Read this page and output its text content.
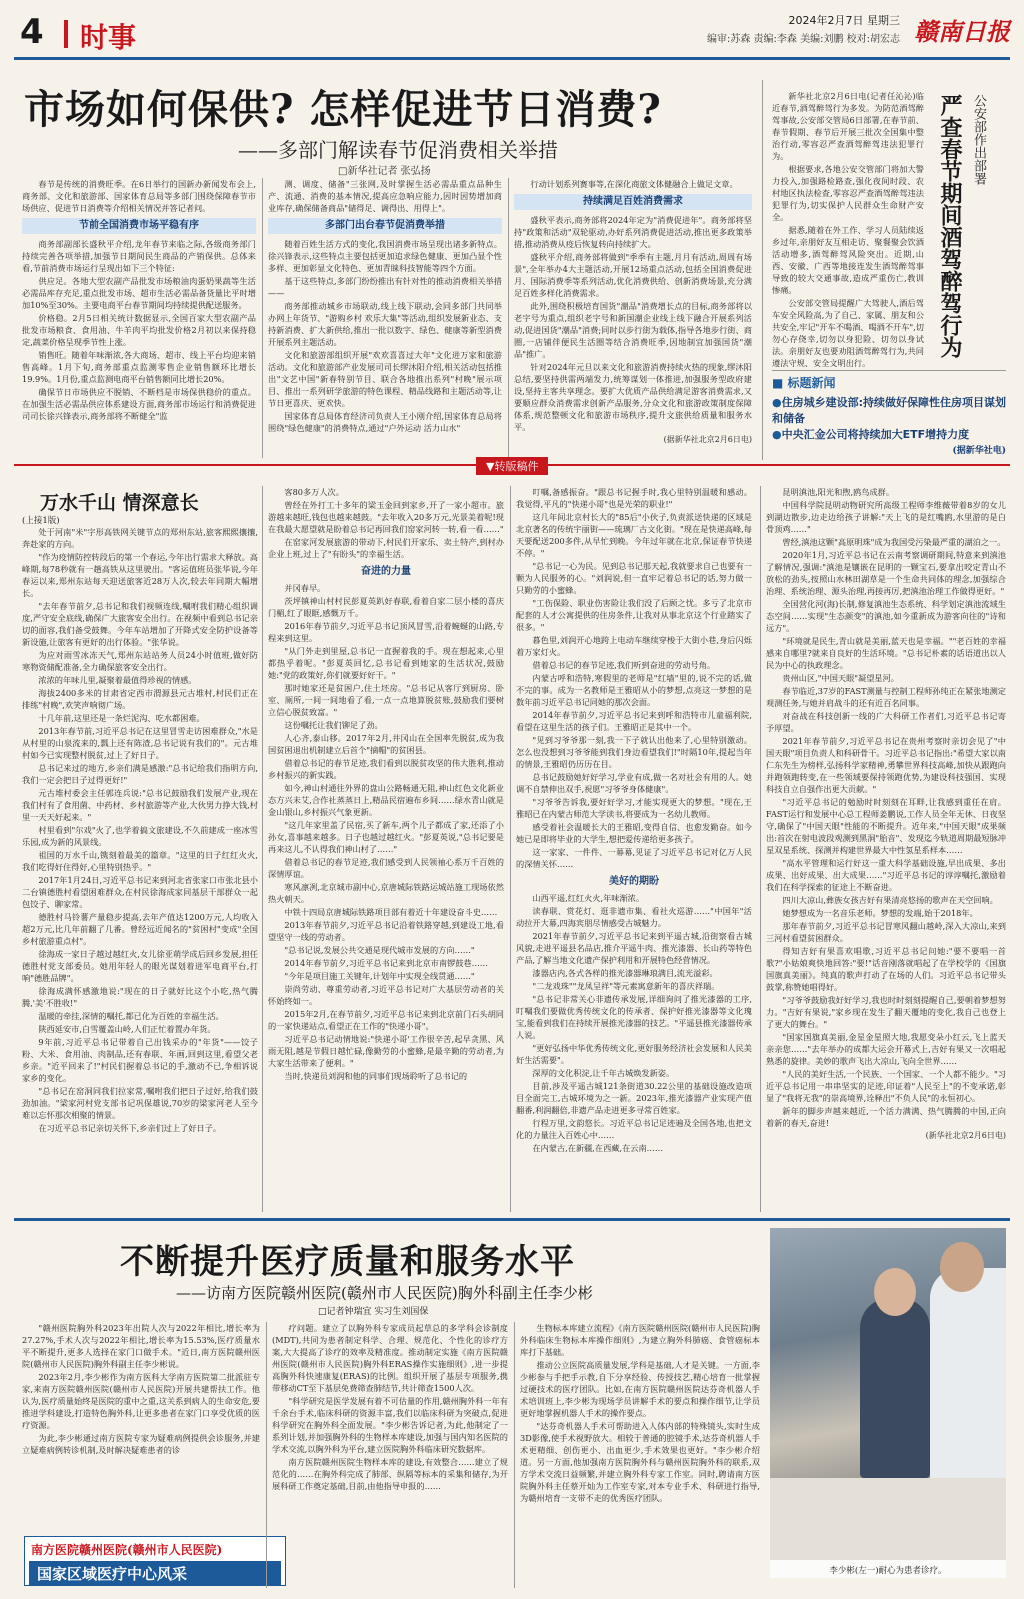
4 时事
2024年2月7日 星期三
编审:苏森 责编:李森 美编:刘鹏 校对:胡宏志 赣南日报
市场如何保供? 怎样促进节日消费?
——多部门解读春节促消费相关举措
□新华社记者 张弘扬

春节是传统的消费旺季。在6日举行的国新办新闻发布会上,商务部、文化和旅游部、国家体育总局等多部门围绕保障春节市场供应、促进节日消费等介绍相关情况并答记者问。

节前全国消费市场平稳有序

商务部副部长盛秋平介绍,龙年春节来临之际,各级商务部门持续完善各项举措,加强节日期间民生商品的产销保供。总体来看,节前消费市场运行呈现出如下三个特征:

供应足。各地大型农副产品批发市场粮油肉蛋奶果蔬等生活必需品库存充足,重点批发市场、超市生活必需品备货量比平时增加10%至30%。主要电商平台春节期间均持续提供配送服务。

价格稳。2月5日相关统计数据显示,全国百家大型农副产品批发市场粮食、食用油、牛羊肉平均批发价格2月初以来保持稳定,蔬菜价格呈现季节性上涨。

销售旺。随着年味渐浓,各大商场、超市、线上平台均迎来销售高峰。1月下旬,商务部重点监测零售企业销售额环比增长19.9%。1月份,重点监测电商平台销售额同比增长20%。

确保节日市场供应不脱销、不断档是市场保供稳价的重点。在加强生活必需品供应体系建设方面,商务部市场运行和消费促进司司长徐兴锋表示,商务部将不断健全"监

测、调度、储备"三张网,及时掌握生活必需品重点品种生产、流通、消费的基本情况,提高应急响应能力,因时因势增加商业库存,确保储备商品"储得足、调得出、用得上"。

多部门出台春节促消费举措

随着百姓生活方式的变化,我国消费市场呈现出诸多新特点。徐兴锋表示,这些特点主要包括更加追求绿色健康、更加凸显个性多样、更加彰显文化特色、更加青睐科技智能等四个方面。

基于这些特点,多部门纷纷推出有针对性的推动消费相关举措——

商务部推动城乡市场联动,线上线下联动,会同多部门共同举办网上年货节、"游购乡村 欢乐大集"等活动,组织发展新业态、支持新消费、扩大新供给,推出一批以数字、绿色、健康等新型消费开展系列主题活动。

文化和旅游部组织开展"欢欢喜喜过大年"文化进万家和旅游活动。文化和旅游部产业发展司司长缪沐阳介绍,相关活动包括推出"文艺中国"新春特别节目、联合各地推出系列"村晚"展示项目、推出一系列研学旅游的特色课程、精品线路和主题活动等,让节日更喜庆、更欢快。

国家体育总局体育经济司负责人王小刚介绍,国家体育总局将围绕"绿色健康"的消费特点,通过"户外运动 活力山水"

行动计划系列赛事等,在深化商旅文体健融合上做足文章。

持续满足百姓消费需求

盛秋平表示,商务部将2024年定为"消费促进年"。商务部将坚持"政策和活动"双轮驱动,办好系列消费促进活动,推出更多政策举措,推动消费从疫后恢复转向持续扩大。

盛秋平介绍,商务部将做到"季季有主题,月月有活动,周周有场景",全年举办4大主题活动,开展12场重点活动,包括全国消费促进月、国际消费季等系列活动,优化消费供给、创新消费场景,充分满足百姓多样化消费需求。

此外,围绕积极培育国货"潮品"消费增长点的目标,商务部将以老字号为重点,组织老字号和新国潮企业线上线下融合开展系列活动,促进国货"潮品"消费;同时以步行街为载体,指导各地步行街、商圈,一店铺伴便民生活圈等结合消费旺季,因地制宜加强国货"潮品"推广。

针对2024年元旦以来文化和旅游消费持续火热的现象,缪沐阳总结,要坚持供需两端发力,统筹谋划一体推进,加强服务型政府建设,坚持主客共享理念。要扩大优质产品供给满足游客消费需求,又要顺应群众消费需求创新产品服务,分众文化和旅游政策制度保障体系,规范整顿文化和旅游市场秩序,提升文旅供给质量和服务水平。

(据新华社北京2月6日电)
严查春节期间酒驾醉驾行为 公安部作出部署

新华社北京2月6日电(记者任沁沁)临近春节,酒驾醉驾行为多发。为防范酒驾醉驾事故,公安部交管局6日部署,在春节前、春节假期、春节后开展三批次全国集中整治行动,零容忍严查酒驾醉驾违法犯罪行为。

根据要求,各地公安交管部门将加大警力投入,加强路检路查,强化夜间时段、农村地区执法检查,零容忍严查酒驾醉驾违法犯罪行为,切实保护人民群众生命财产安全。

据悉,随着在外工作、学习人员陆续返乡过年,亲朋好友互相走访、聚餐聚会饮酒活动增多,酒驾醉驾风险突出。近期,山西、安徽、广西等地接连发生酒驾醉驾事导致的较大交通事故,造成严重伤亡,教训惨痛。

公安部交管局提醒广大驾驶人,酒后驾车安全风险高,为了自己、家属、朋友和公共安全,牢记"开车不喝酒、喝酒不开车",切勿心存侥幸,切勿以身犯险、切勿以身试法。亲朋好友也要劝阻酒驾醉驾行为,共同遵法守规、安全文明出行。

■ 标题新闻
●住房城乡建设部:持续做好保障性住房项目谋划和储备
●中央汇金公司将持续加大ETF增持力度
(据新华社电)
▼转版稿件
万水千山 情深意长
(上接1版)

处于河南"米"字形高铁网关键节点的郑州东站,旅客熙熙攘攘,奔赴家的方向。

"作为疫情防控转段后的第一个春运,今年出行需求大释放。高峰期,每78秒就有一趟高铁从这里驶出。"客运值班员张华说,今年春运以来,郑州东站每天迎送旅客近28万人次,较去年同期大幅增长。

"去年春节前夕,总书记和我们视频连线,嘱咐我们精心组织调度,严守安全底线,确保广大旅客安全出行。在视频中看到总书记亲切的面容,我们备受鼓舞。今年车站增加了开降式安全防护设备等新设施,让旅客有更好的出行体验。"张华说。

为应对雨雪冰冻天气,郑州东站站务人员24小时值班,做好防寒物资储配准备,全力确保旅客安全出行。

浓浓的年味儿里,凝聚着最值得珍视的情感。

海拔2400多米的甘肃省定西市渭源县元古堆村,村民们正在排练"村晚",欢笑声响彻广场。

十几年前,这里还是一条烂泥沟、吃水都困难。

2013年春节前,习近平总书记在这里冒雪走访困难群众,"水是从村里的山泉流来的,瓢上还有陈渣,总书记说有我们的"。元古堆村如今已实现整村脱贫,过上了好日子。

总书记来过的地方,乡亲们满是感激:"总书记给我们指明方向,我们一定会把日子过得更好!"

元古堆村委会主任郭连兵说:"总书记鼓励我们发展产业,现在我们村有了食用菌、中药材、乡村旅游等产业,大伙男力挣大钱,村里一天天好起来。"

村里看到"尔戏"火了,也学着搞文旅建设,不久前建成一座冰雪乐园,成为新的风景线。

祖国的万水千山,镌刻着最美的篇章。"这里的日子红红火火,我们吃得好住得好,心里特别热乎。"

2017年1月24日,习近平总书记来到河北省张家口市张北县小二台镇德胜村看望困难群众,在村民徐海成家同基层干部群众一起包饺子、聊家常。

德胜村马铃薯产量稳步提高,去年产值达1200万元,人均收入超2万元,比几年前翻了几番。曾经远近闻名的"贫困村"变成"全国乡村旅游重点村"。

徐海成一家日子越过越红火,女儿徐亚萌学成后回乡发展,担任德胜村党支部委员。她用年轻人的眼光谋划着进军电商平台,打响"德胜品牌"。

徐海成满怀感激地说:"现在的日子就好比这个小吃,热气腾腾,'美'不胜收!"

温暖的牵挂,深情的嘱托,都已化为百姓的幸福生活。

陕西延安市,白雪覆盖山岭,人们正忙着置办年货。

9年前,习近平总书记带着自己出钱采办的"年货"——饺子粉、大米、食用油、肉制品,还有春联、年画,回到这里,看望父老乡亲。"近平回来了!"村民们握着总书记的手,激动不已,争相诉说家乡的变化。

"总书记在窑洞同我们拉家常,嘱咐我们把日子过好,给我们鼓劲加油。"梁家河村党支部书记巩保雄说,70岁的梁家河老人至今难以忘怀那次相聚的情景。

在习近平总书记亲切关怀下,乡亲们过上了好日子。

客80多万人次。

曾经在外打工十多年的梁玉金回到家乡,开了一家小超市。旅游越来越旺,钱包也越来越鼓。"去年收入20多万元,光景美着呢!现在我最大愿望就是盼着总书记再回我们窑家河转一转,看一看……"

在窑家河发展旅游的带动下,村民们开家乐、卖土特产,到村办企业上班,过上了"有盼头"的幸福生活。

奋进的力量

并冈春早。

茨坪镇神山村村民彭夏英趴好春联,看着自家二层小楼的喜庆门楣,红了眼眶,感慨万千。

2016年春节前夕,习近平总书记顶风冒雪,沿着蜿蜒的山路,专程来到这里。

"从门外走到里屋,总书记一直握着我的手。现在想起来,心里都热乎着呢。"彭夏英回忆,总书记看到她家的生活状况,鼓励她:"党的政策好,你们就要好好干。"

那时她家还是贫困户,住土坯房。"总书记从客厅到厨房、卧室、厕所,一间一间地看了看,一点一点地算脱贫账,鼓励我们要树立信心脱贫致富。"

这份嘱托让我们铆足了劲。

人心齐,泰山移。2017年2月,井冈山在全国率先脱贫,成为我国贫困退出机制建立后首个"摘帽"的贫困县。

借着总书记的春节足迹,我们看到以脱贫攻坚的伟大胜利,推动乡村振兴的新实践。

如今,神山村通往外界的盘山公路畅通无阻,神山红色文化新业态方兴未艾,合作社蒸蒸日上,精品民宿遍布乡间……绿水青山就是金山银山,乡村振兴气象更新。

"这几年家里盖了民宿,买了新车,两个儿子都成了家,还添了小孙女,喜事越来越多。日子也越过越红火。"彭夏英说,"总书记要是再来这儿,不认得我们神山村了……"

借着总书记的春节足迹,我们感受到人民领袖心系万千百姓的深情厚谊。

寒风凛冽,北京城市副中心,京唐城际铁路运城站施工现场依然热火朝天。

中铁十四局京唐城际铁路项目部有着近十年建设奋斗史……

2013年春节前夕,习近平总书记沿着铁路穿越,到建设工地,看望坚守一线的劳动者。

"总书记说,发展公共交通是现代城市发展的方向……"

2014年春节前夕,习近平总书记来到北京市南锣鼓巷……

"今年是项目施工关键年,计划年中实现全线贯通……"

崇尚劳动、尊重劳动者,习近平总书记对广大基层劳动者的关怀始终如一。

2015年2月,在春节前夕,习近平总书记来到北京前门石头胡同的一家快递站点,看望正在工作的"快递小哥"。

习近平总书记动情地说:"快递小哥'工作很辛苦,起早贪黑、风雨无阻,越是节假日越忙碌,像勤劳的小蜜蜂,是最辛勤的劳动者,为大家生活带来了便利。"

当时,快递员刘润和他的同事们现场聆听了总书记的

叮嘱,备感振奋。"跟总书记握手时,我心里特别温暖和感动。我觉得,平凡的"快递小哥"也是光荣的职业!"

这几年间北京村长大的"85后"小伙子,负责派送快递的区域是北京著名的传统宇丽街——琉璃厂古文化街。"现在是快递高峰,每天要配送200多件,从早忙到晚。今年过年就在北京,保证春节快递不停。"

"总书记一心为民。见到总书记那天起,我就要求自己也要有一颗为人民服务的心。"刘润说,但一直牢记着总书记的话,努力做一只勤劳的小蜜蜂。

"工伤保险、职业伤害险让我们没了后顾之忧。多亏了北京市配套的人才公寓提供的住房条件,让我对从事北京这个行业踏实了很多。"

暮色里,刘润开心地跨上电动车继续穿梭于大街小巷,身后闪烁着万家灯火。

借着总书记的春节足迹,我们听到奋进的劳动号角。

内蒙古呼和浩特,寒假里的老师是"红墙"里的,说不完的话,做不完的事。成为一名教师是王雅昭从小的梦想,点亮这一梦想的是数年前习近平总书记同她的那次会面。

2014年春节前夕,习近平总书记来到呼和浩特市儿童福利院,看望在这里生活的孩子们。王雅昭正是其中一个。

"见到习爷爷那一刻,我一下子就认出他来了,心里特别激动。怎么也没想到习爷爷能到我们身边看望我们!"时隔10年,提起当年的情景,王雅昭仍历历在目。

总书记鼓励她好好学习,学业有成,做一名对社会有用的人。她调不自禁伸出双手,祝愿"习爷爷身体健康"。

"习爷爷告诉我,要好好学习,才能实现更大的梦想。"现在,王雅昭已在内蒙古师范大学读书,将要成为一名幼儿教师。

感受着社会温暖长大的王雅昭,变得自信、也愈发勤奋。如今她已是即将毕业的大学生,想把爱传递给更多孩子。

这一家家、一件件、一幕幕,见证了习近平总书记对亿万人民的深情关怀……

美好的期盼

山西平遥,红红火火,年味渐浓。

读春联、赏花灯、逛非遗市集、看社火巡游……"中国年"活动拉开大幕,四海宾朋尽情感受古城魅力。

2021年春节前夕,习近平总书记来到平遥古城,沿街察看古城风貌,走进平遥县名品店,推介平遥牛肉、推光漆器、长山药等特色产品,了解当地文化遗产保护利用和开展特色经营情况。

漆器店内,各式各样的推光漆器琳琅满目,流光溢彩。

"二龙戏珠""龙凤呈祥"等元素寓意新年的喜庆祥瑞。

"总书记非常关心非遗传承发展,详细询问了推光漆器的工序,叮嘱我们要做优秀传统文化的传承者、保护好推光漆器等文化瑰宝,能看到我们在持续开展推光漆器的技艺。"平遥县推光漆器传承人说。

"更好弘扬中华优秀传统文化,更好服务经济社会发展和人民美好生活需要"。

深厚的文化积淀,让千年古城焕发新姿。

目前,涉及平遥古城121条街道30.22公里的基础设施改造项目全面完工,古城环境为之一新。2023年,推光漆器产业实现产值翻番,利润翻倍,非遗产品走进更多寻常百姓家。

行程万里,文韵悠长。习近平总书记足迹遍及全国各地,也把文化的力量注入百姓心中……

在内蒙古,在新疆,在西藏,在云南……

昆明滇池,阳光和煦,鸥鸟成群。

中国科学院昆明动物研究所高级工程师李维薇带着8岁的女儿到湖边散步,边走边给孩子讲解:"天上飞的是红嘴鸥,水里游的是白骨顶鸡……"

曾经,滇池这颗"高原明珠"成为我国受污染最严重的湖泊之一。

2020年1月,习近平总书记在云南考察调研期间,特意来到滇池了解情况,强调:"滇池是镶嵌在昆明的一颗宝石,要拿出咬定青山不放松的劲头,按照山水林田湖草是一个生命共同体的理念,加强综合治理、系统治理、源头治理,再接再厉,把滇池治理工作做得更好。"

全国营化河(海)长制,修复滇池生态系统、科学划定滇池流域生态空间……实现"生态颜变"的滇池,如今重新成为游客向往的"诗和远方"。

"环境就是民生,青山就是美丽,蓝天也是幸福。""老百姓的幸福感来自哪里?就来自良好的生活环境。"总书记朴素的话语道出以人民为中心的执政理念。

贵州山区,"中国天眼"凝望星河。

春节临近,37岁的FAST测量与控制工程师孙纯正在紧张地测定观测任务,与她并肩战斗的还有近百名同事。

对奋战在科技创新一线的广大科研工作者们,习近平总书记寄予厚望。

2021年春节前夕,习近平总书记在贵州考察时亲切会见了"中国天眼"项目负责人和科研骨干。习近平总书记指出:"希望大家以南仁东先生为榜样,弘扬科学家精神,勇攀世界科技高峰,加快从跟跑向并跑领跑转变,在一些领域要保持领跑优势,为建设科技强国、实现科技自立自强作出更大贡献。"

"习近平总书记的勉励时时刻刻在耳畔,让我感到重任在肩。FAST运行和发展中心总工程师姜鹏说,工作人员全年无休、日夜坚守,确保了"中国天眼"性能的不断提升。近年来,"中国天眼"成果频出:首次在射电波段观测到黑洞"胎音"、发现迄今轨道周期最短脉冲星双星系统、探测并构建世界最大中性氢星系样本……

"高水平管理和运行好这一重大科学基础设施,早出成果、多出成果、出好成果、出大成果……"习近平总书记的谆谆嘱托,激励着我们在科学探索的征途上不断奋进。

四川大凉山,彝族女孩吉好有果清亮悠扬的歌声在天空回响。

她梦想成为一名音乐老师。梦想的发端,始于2018年。

那年春节前夕,习近平总书记冒寒风翻山越岭,深入大凉山,来到三河村看望贫困群众。

得知吉好有果喜欢唱歌,习近平总书记问她:"要不要唱一首歌?"小姑娘爽快地回答:"要!"话音刚落就唱起了在学校学的《国旗国旗真美丽》。纯真的歌声打动了在场的人们。习近平总书记带头鼓掌,称赞她唱得好。

"习爷爷鼓励我好好学习,我也时时刻刻提醒自己,要朝着梦想努力。"吉好有果说,"家乡现在发生了翻天覆地的变化,我自己也登上了更大的舞台。"

"国家国旗真美丽,金星金星照大地,我愿变朵小红云,飞上蓝天亲亲您……"去年举办的成都大运会开幕式上,吉好有果又一次唱起熟悉的旋律。美妙的歌声飞出大凉山,飞向全世界……

"人民的美好生活,一个民族、一个国家、一个人都不能少。"习近平总书记用一串串坚实的足迹,印证着"人民至上"的不变承诺,彰显了"我将无我"的崇高境界,诠释出"不负人民"的永恒初心。

新年的脚步声越来越近,一个活力满满、热气腾腾的中国,正向着新的春天,奋进!

(新华社北京2月6日电)
不断提升医疗质量和服务水平
——访南方医院赣州医院(赣州市人民医院)胸外科副主任李少彬
□记者钟瑞宜 实习生刘国保

"赣州医院胸外科2023年出院人次与2022年相比,增长率为27.27%,手术人次与2022年相比,增长率为15.53%,医疗质量水平不断提升,更多人选择在家门口做手术。"近日,南方医院赣州医院(赣州市人民医院)胸外科副主任李少彬说。

2023年2月,李少彬作为南方医科大学南方医院第二批派驻专家,来南方医院赣州医院(赣州市人民医院)开展共建帮扶工作。他认为,医疗质量始终是医院的重中之重,这关系到病人的生命安危,要推进学科建设,打造特色胸外科,让更多患者在家门口享受优质的医疗资源。

为此,李少彬通过南方医院专家为疑难病例提供会诊服务,并建立疑难病例转诊机制,及时解决疑难患者的诊

南方医院赣州医院(赣州市人民医院)
国家区域医疗中心风采

疗问题。建立了以胸外科专家成员起草总的多学科会诊制度(MDT),共同为患者制定科学、合理、规范化、个性化的诊疗方案,大大提高了诊疗的效率及精准度。推动制定实施《南方医院赣州医院(赣州市人民医院)胸外科ERAS操作实施细则》,进一步提高胸外科快速康复(ERAS)的比例。组织开展了基层专项服务,携带移动CT至下基层免费筛查肺结节,共计筛查1500人次。

"科学研究是医学发展有着不可估量的作用,赣州胸外科一年有千余台手术,临床科研的资源丰富,我们以临床科研为突破点,促进科学研究在胸外科全面发展。"李少彬告诉记者,为此,他制定了一系列计划,并加强胸外科的生物样本库建设,加强与国内知名医院的学术交流,以胸外科为平台,建立医院胸外科临床研究数据库。

南方医院赣州医院生物样本库的建设,有效整合……建立了规范化的……在胸外科完成了肺部、纵隔等标本的采集和储存,为开展科研工作奠定基础,目前,由他指导申报的……

生物标本库建立流程》《南方医院赣州医院(赣州市人民医院)胸外科临床生物标本库操作细则》,为建立胸外科肺癌、食管癌标本库打下基础。

推动公立医院高质量发展,学科是基础,人才是关键。一方面,李少彬参与手把手示教,自下分享经验、传授技艺,精心培育一批掌握过硬技术的医疗团队。比如,在南方医院赣州医院达芬奇机器人手术培训班上,李少彬为现场学员讲解手术的要点和操作细节,让学员更好地掌握机器人手术的操作要点。

"达芬奇机器人手术可帮助进入人体内部的特殊镜头,实时生成3D影像,使手术视野放大。相较于普通的腔镜手术,达芬奇机器人手术更精细、创伤更小、出血更少,手术效果也更好。"李少彬介绍道。另一方面,他加强南方医院胸外科与赣州医院胸外科的联系,双方学术交流日益频繁,并建立胸外科专家工作室。同时,聘请南方医院胸外科主任蔡开灿为工作室专家,对本专业手术、科研进行指导,为赣州培育一支带不走的优秀医疗团队。

李少彬(左一)耐心为患者诊疗。
